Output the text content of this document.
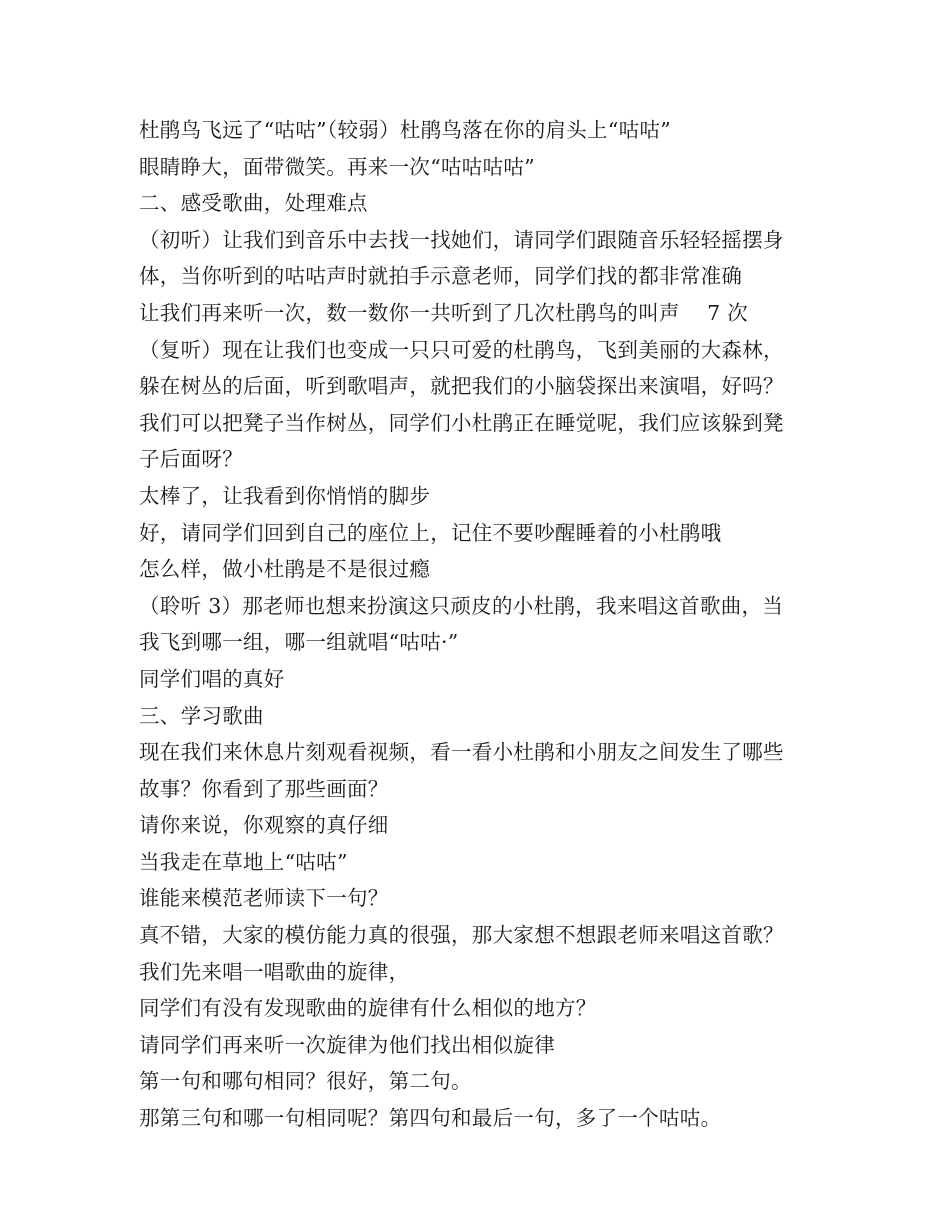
杜鹃鸟飞远了“咕咕”（较弱）杜鹃鸟落在你的肩头上“咕咕”
眼睛睁大，面带微笑。再来一次“咕咕咕咕”
二、感受歌曲，处理难点
（初听）让我们到音乐中去找一找她们，请同学们跟随音乐轻轻摇摆身
体，当你听到的咕咕声时就拍手示意老师，同学们找的都非常准确
让我们再来听一次，数一数你一共听到了几次杜鹃鸟的叫声    7 次
（复听）现在让我们也变成一只只可爱的杜鹃鸟，飞到美丽的大森林，
躲在树丛的后面，听到歌唱声，就把我们的小脑袋探出来演唱，好吗？
我们可以把凳子当作树丛，同学们小杜鹃正在睡觉呢，我们应该躲到凳
子后面呀？
太棒了，让我看到你悄悄的脚步
好，请同学们回到自己的座位上，记住不要吵醒睡着的小杜鹃哦
怎么样，做小杜鹃是不是很过瘾
（聆听 3）那老师也想来扮演这只顽皮的小杜鹃，我来唱这首歌曲，当
我飞到哪一组，哪一组就唱“咕咕·”
同学们唱的真好
三、学习歌曲
现在我们来休息片刻观看视频，看一看小杜鹃和小朋友之间发生了哪些
故事？你看到了那些画面？
请你来说，你观察的真仔细
当我走在草地上“咕咕”
谁能来模范老师读下一句？
真不错，大家的模仿能力真的很强，那大家想不想跟老师来唱这首歌？
我们先来唱一唱歌曲的旋律，
同学们有没有发现歌曲的旋律有什么相似的地方？
请同学们再来听一次旋律为他们找出相似旋律
第一句和哪句相同？很好，第二句。
那第三句和哪一句相同呢？第四句和最后一句，多了一个咕咕。
